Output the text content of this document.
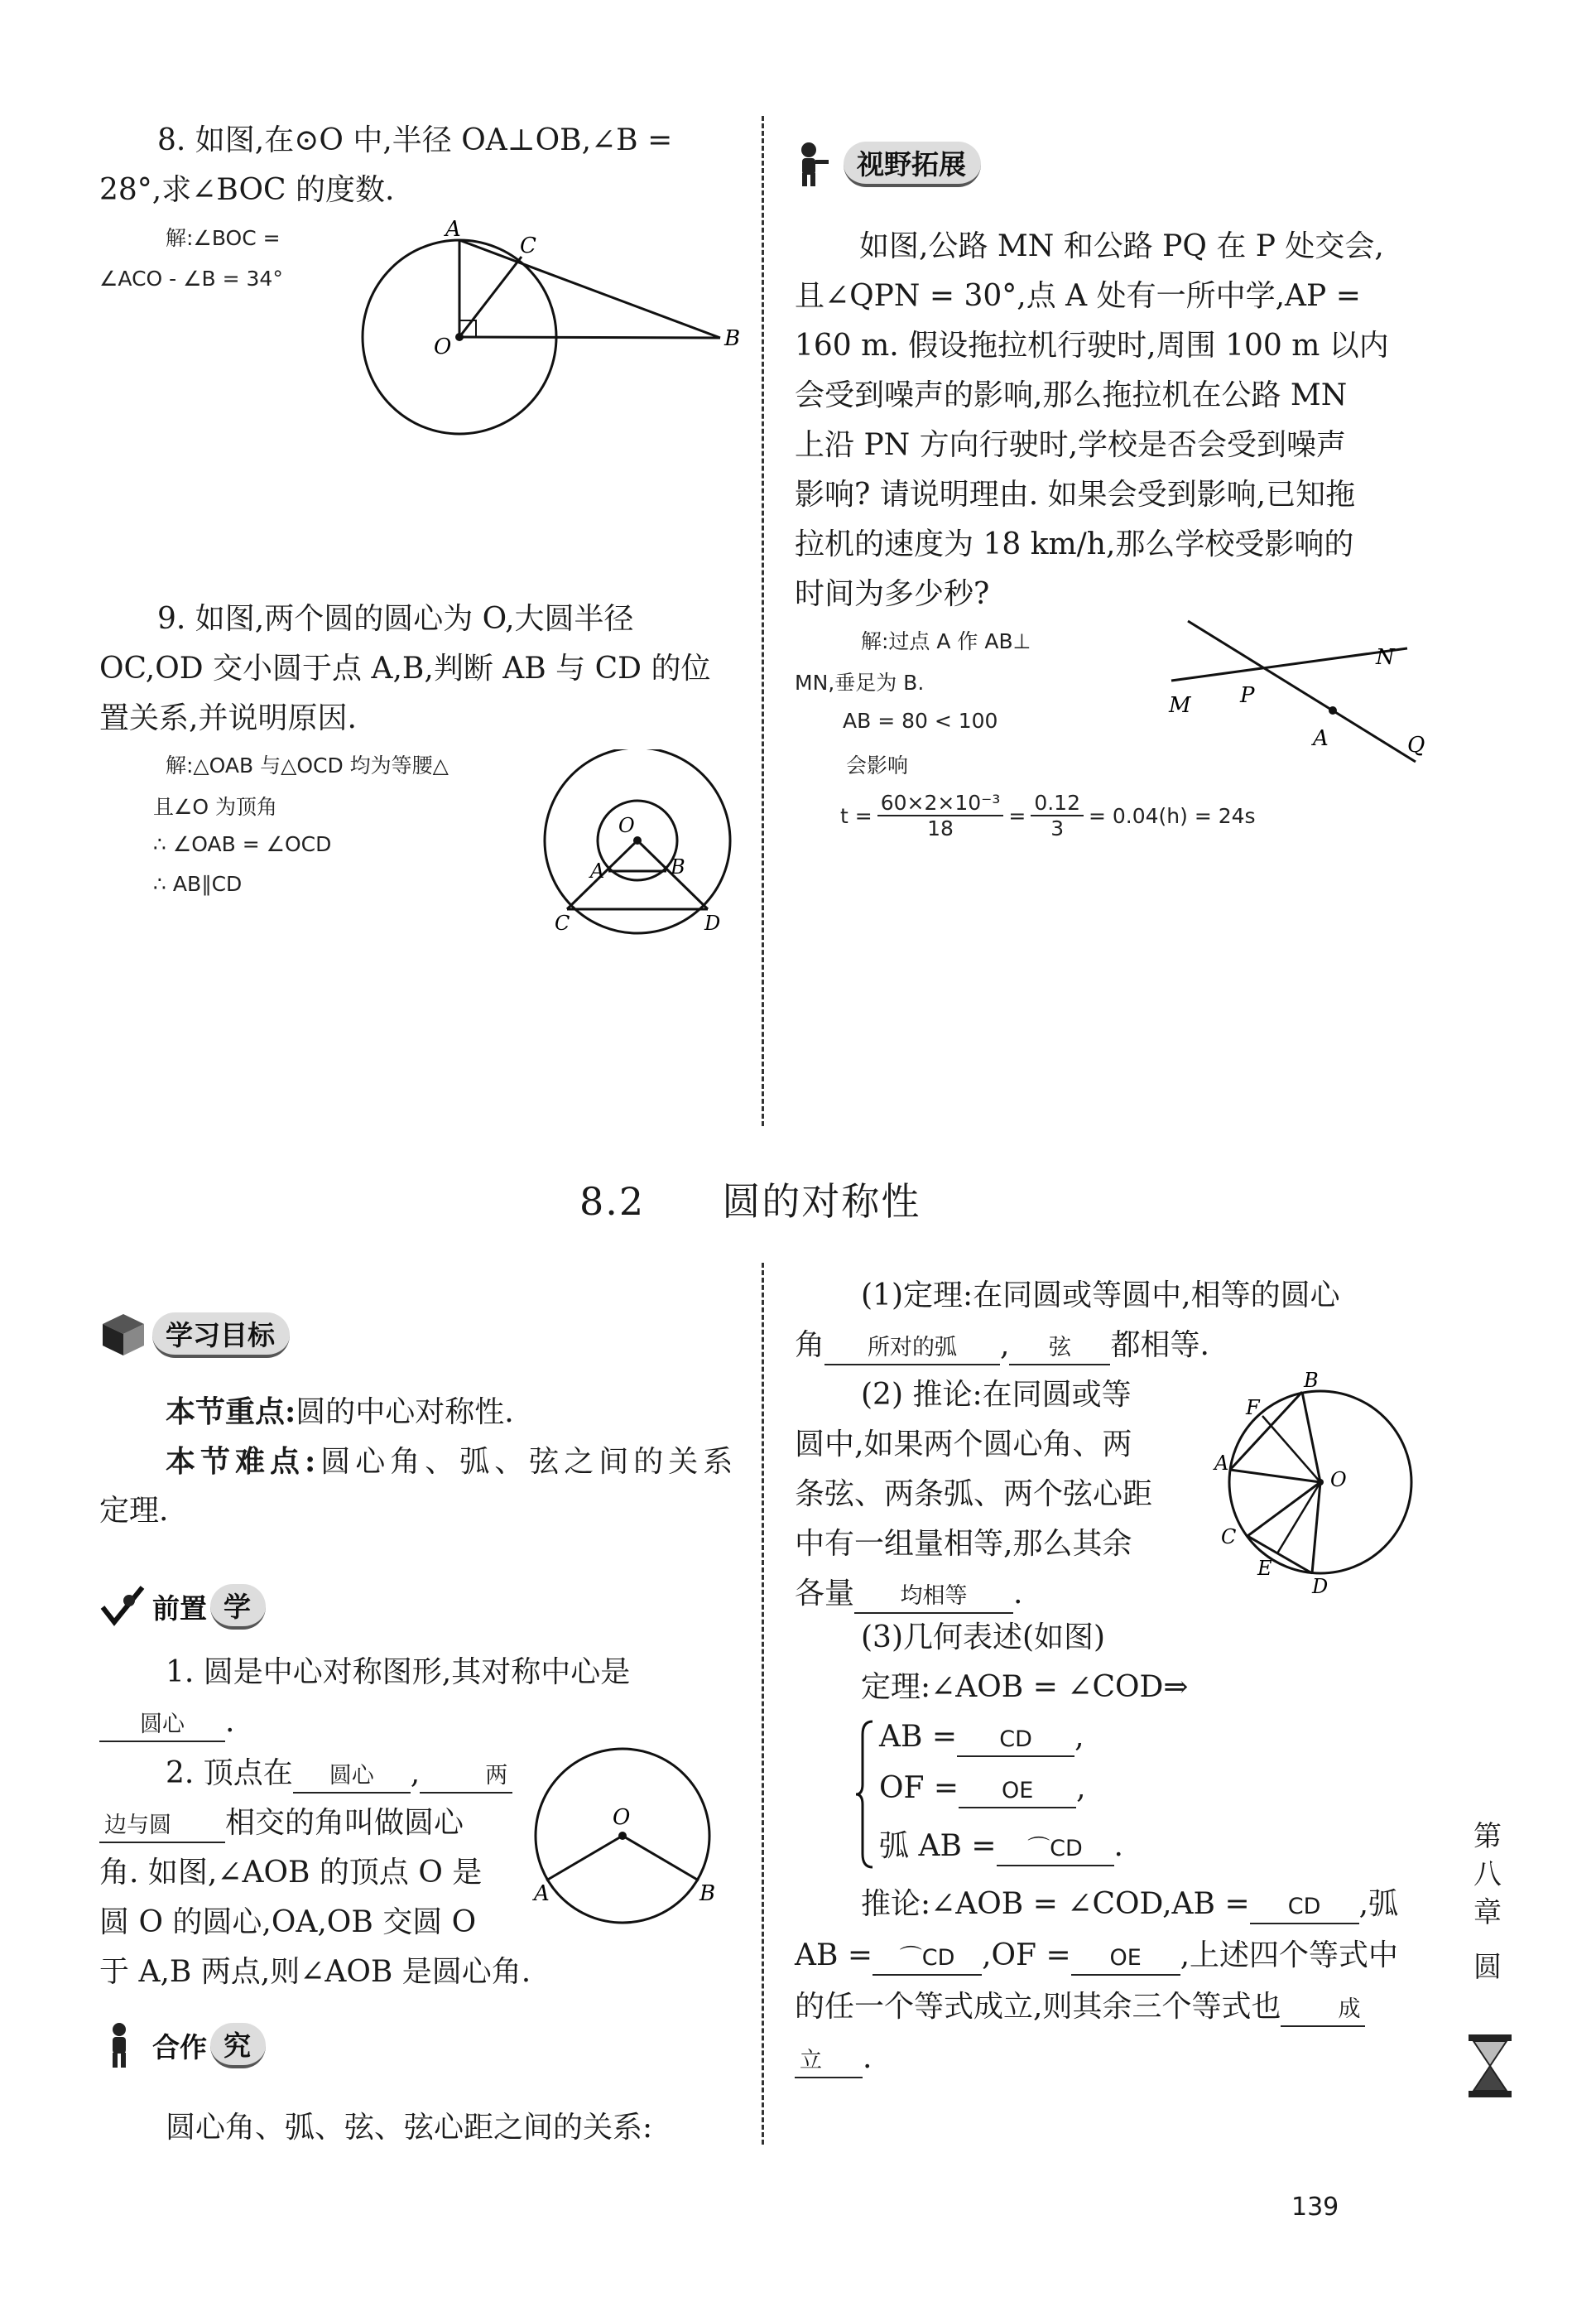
8. 如图,在⊙O 中,半径 OA⊥OB,∠B =
28°,求∠BOC 的度数.
解:∠BOC =
∠ACO - ∠B = 34°
A
C
O	B
9. 如图,两个圆的圆心为 O,大圆半径
OC,OD 交小圆于点 A,B,判断 AB 与 CD 的位
置关系,并说明原因.
解:△OAB 与△OCD 均为等腰△
且∠O 为顶角
∴ ∠OAB = ∠OCD
∴ AB∥CD
O
A	B
C	D
视野拓展
如图,公路 MN 和公路 PQ 在 P 处交会,
且∠QPN = 30°,点 A 处有一所中学,AP =
160 m. 假设拖拉机行驶时,周围 100 m 以内
会受到噪声的影响,那么拖拉机在公路 MN
上沿 PN 方向行驶时,学校是否会受到噪声
影响? 请说明理由. 如果会受到影响,已知拖
拉机的速度为 18 km/h,那么学校受影响的
时间为多少秒?
解:过点 A 作 AB⊥
MN,垂足为 B.
AB = 80 < 100
会影响
$t = \frac{\text{60×2×10⁻³}}{18} = \frac{0.12}{3} = 0.04(h) = 24s$
M P
N
A	Q
8.2 圆的对称性
学习目标
本节重点:圆的中心对称性.
本节难点:圆心角、弧、弦之间的关系
定理.
前置 学
1. 圆是中心对称图形,其对称中心是
圆心 .
2. 顶点在 圆心 ,	两
边与圆 相交的角叫做圆心
角. 如图,∠AOB 的顶点 O 是
圆 O 的圆心,OA,OB 交圆 O
于 A,B 两点,则∠AOB 是圆心角.
O
A	B
合作 究
圆心角、弧、弦、弦心距之间的关系:
(1)定理:在同圆或等圆中,相等的圆心
角 所对的弧 , 弦 都相等.
(2) 推论:在同圆或等
圆中,如果两个圆心角、两
条弦、两条弧、两个弦心距
中有一组量相等,那么其余
各量 均相等 .
B
F
A
O
C
E
D
(3)几何表述(如图)
定理:∠AOB = ∠COD⇒
AB = CD ,
OF = OE ,
弧 AB = ⌒CD .
推论:∠AOB = ∠COD,AB = CD ,弧
AB = ⌒CD ,OF = OE ,上述四个等式中
的任一个等式成立,则其余三个等式也	成
立 .
第
八
章
圆
139
